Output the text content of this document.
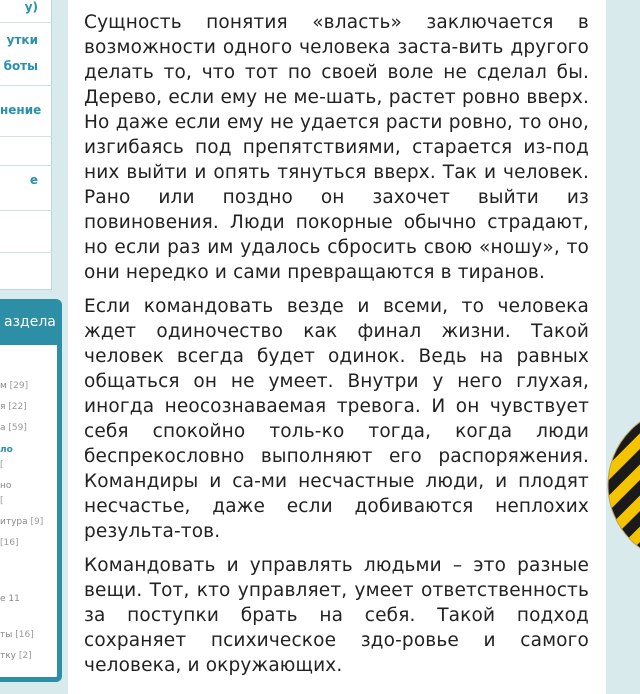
у)
утки
боты
нение
е
аздела
м [29]
я [22]
а [59]
ло
]
но
]
итура [9]
[16]
е 11
ты [16]
тку [2]

Сущность понятия «власть» заключается в возможности одного человека заста-вить другого делать то, что тот по своей воле не сделал бы. Дерево, если ему не ме-шать, растет ровно вверх. Но даже если ему не удается расти ровно, то оно, изгибаясь под препятствиями, старается из-под них выйти и опять тянуться вверх. Так и человек. Рано или поздно он захочет выйти из повиновения. Люди покорные обычно страдают, но если раз им удалось сбросить свою «ношу», то они нередко и сами превращаются в тиранов.

Если командовать везде и всеми, то человека ждет одиночество как финал жизни. Такой человек всегда будет одинок. Ведь на равных общаться он не умеет. Внутри у него глухая, иногда неосознаваемая тревога. И он чувствует себя спокойно толь-ко тогда, когда люди беспрекословно выполняют его распоряжения. Командиры и са-ми несчастные люди, и плодят несчастье, даже если добиваются неплохих результа-тов.

Командовать и управлять людьми – это разные вещи. Тот, кто управляет, умеет ответственность за поступки брать на себя. Такой подход сохраняет психическое здо-ровье и самого человека, и окружающих.
